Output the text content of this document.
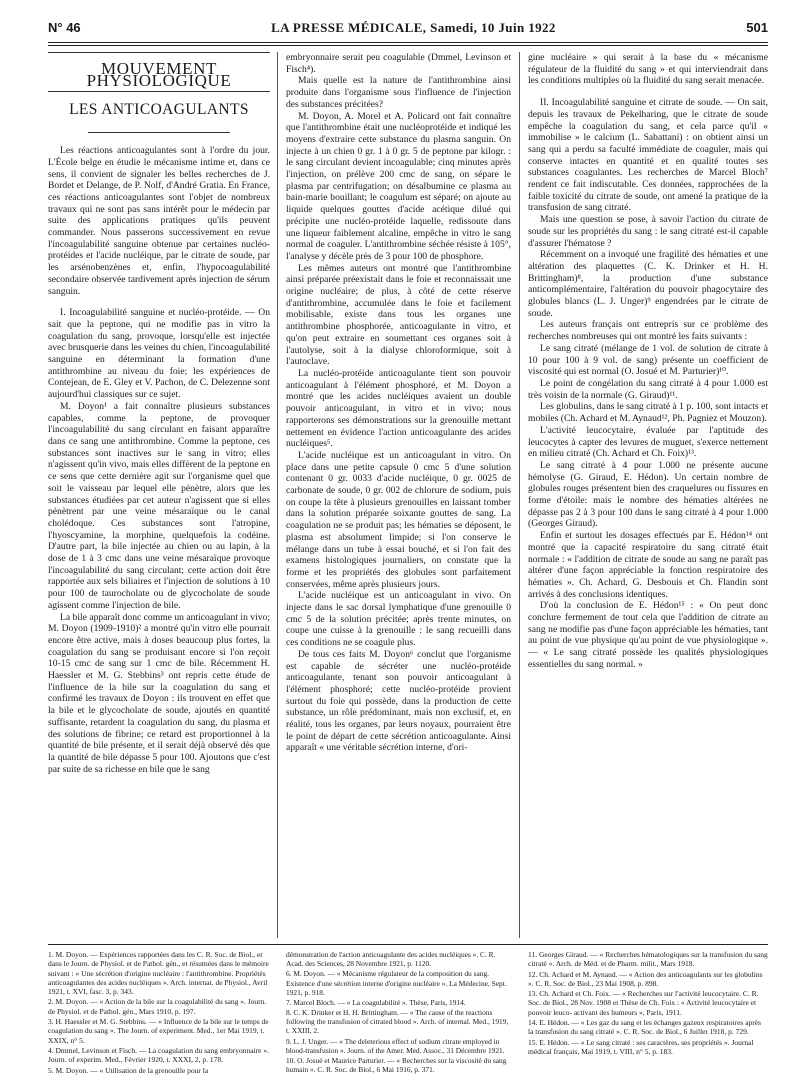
N° 46	LA PRESSE MÉDICALE, Samedi, 10 Juin 1922	501
MOUVEMENT PHYSIOLOGIQUE
LES ANTICOAGULANTS

Les réactions anticoagulantes sont à l'ordre du jour. L'École belge en étudie le mécanisme intime et, dans ce sens, il convient de signaler les belles recherches de J. Bordet et Delange, de P. Nolf, d'André Gratia. En France, ces réactions anticoagulantes sont l'objet de nombreux travaux qui ne sont pas sans intérêt pour le médecin par suite des applications pratiques qu'ils peuvent commander. Nous passerons successivement en revue l'incoagulabilité sanguine obtenue par certaines nucléo-protéides et l'acide nucléique, par le citrate de soude, par les arsénobenzènes et, enfin, l'hypocoagulabilité secondaire observée tardivement après injection de sérum sanguin.

I. Incoagulabilité sanguine et nucléo-protéide. — On sait que la peptone, qui ne modifie pas in vitro la coagulation du sang, provoque, lorsqu'elle est injectée avec brusquerie dans les veines du chien, l'incoagulabilité sanguine en déterminant la formation d'une antithrombine au niveau du foie; les expériences de Contejean, de E. Gley et V. Pachon, de C. Delezenne sont aujourd'hui classiques sur ce sujet.

M. Doyon¹ a fait connaître plusieurs substances capables, comme la peptone, de provoquer l'incoagulabilité du sang circulant en faisant apparaître dans ce sang une antithrombine. Comme la peptone, ces substances sont inactives sur le sang in vitro; elles n'agissent qu'in vivo, mais elles diffèrent de la peptone en ce sens que cette dernière agit sur l'organisme quel que soit le vaisseau par lequel elle pénètre, alors que les substances étudiées par cet auteur n'agissent que si elles pénètrent par une veine mésaraïque ou le canal cholédoque. Ces substances sont l'atropine, l'hyoscyamine, la morphine, quelquefois la codéine. D'autre part, la bile injectée au chien ou au lapin, à la dose de 1 à 3 cmc dans une veine mésaraïque provoque l'incoagulabilité du sang circulant; cette action doit être rapportée aux sels biliaires et l'injection de solutions à 10 pour 100 de taurocholate ou de glycocholate de soude agissent comme l'injection de bile.

La bile apparaît donc comme un anticoagulant in vivo; M. Doyon (1909-1910)² a montré qu'in vitro elle pourrait encore être active, mais à doses beaucoup plus fortes, la coagulation du sang se produisant encore si l'on reçoit 10-15 cmc de sang sur 1 cmc de bile. Récemment H. Haessler et M. G. Stebbins³ ont repris cette étude de l'influence de la bile sur la coagulation du sang et confirmé les travaux de Doyon : ils trouvent en effet que la bile et le glycocholate de soude, ajoutés en quantité suffisante, retardent la coagulation du sang, du plasma et des solutions de fibrine; ce retard est proportionnel à la quantité de bile présente, et il serait déjà observé dès que la quantité de bile dépasse 5 pour 100. Ajoutons que c'est par suite de sa richesse en bile que le sang

embryonnaire serait peu coagulable (Dmmel, Levinson et Fisch⁴).

Mais quelle est la nature de l'antithrombine ainsi produite dans l'organisme sous l'influence de l'injection des substances précitées?

M. Doyon, A. Morel et A. Policard ont fait connaître que l'antithrombine était une nucléoprotéide et indiqué les moyens d'extraire cette substance du plasma sanguin. On injecte à un chien 0 gr. 1 à 0 gr. 5 de peptone par kilogr. : le sang circulant devient incoagulable; cinq minutes après l'injection, on prélève 200 cmc de sang, on sépare le plasma par centrifugation; on désalbumine ce plasma au bain-marie bouillant; le coagulum est séparé; on ajoute au liquide quelques gouttes d'acide acétique dilué qui précipite une nucléo-protéide laquelle, redissoute dans une liqueur faiblement alcaline, empêche in vitro le sang normal de coaguler. L'antithrombine séchée résiste à 105°, l'analyse y décèle près de 3 pour 100 de phosphore.

Les mêmes auteurs ont montré que l'antithrombine ainsi préparée préexistait dans le foie et reconnaissait une origine nucléaire; de plus, à côté de cette réserve d'antithrombine, accumulée dans le foie et facilement mobilisable, existe dans tous les organes une antithrombine phosphorée, anticoagulante in vitro, et qu'on peut extraire en soumettant ces organes soit à l'autolyse, soit à la dialyse chloroformique, soit à l'autoclave.

La nucléo-protéide anticoagulante tient son pouvoir anticoagulant à l'élément phosphoré, et M. Doyon a montré que les acides nucléiques avaient un double pouvoir anticoagulant, in vitro et in vivo; nous rapporterons ses démonstrations sur la grenouille mettant nettement en évidence l'action anticoagulante des acides nucléiques⁵.

L'acide nucléique est un anticoagulant in vitro. On place dans une petite capsule 0 cmc 5 d'une solution contenant 0 gr. 0033 d'acide nucléique, 0 gr. 0025 de carbonate de soude, 0 gr. 002 de chlorure de sodium, puis on coupe la tête à plusieurs grenouilles en laissant tomber dans la solution préparée soixante gouttes de sang. La coagulation ne se produit pas; les hématies se déposent, le plasma est absolument limpide; si l'on conserve le mélange dans un tube à essai bouché, et si l'on fait des examens histologiques journaliers, on constate que la forme et les propriétés des globules sont parfaitement conservées, même après plusieurs jours.

L'acide nucléique est un anticoagulant in vivo. On injecte dans le sac dorsal lymphatique d'une grenouille 0 cmc 5 de la solution précitée; après trente minutes, on coupe une cuisse à la grenouille : le sang recueilli dans ces conditions ne se coagule plus.

De tous ces faits M. Doyon⁶ conclut que l'organisme est capable de sécréter une nucléo-protéide anticoagulante, tenant son pouvoir anticoagulant à l'élément phosphoré; cette nucléo-protéide provient surtout du foie qui possède, dans la production de cette substance, un rôle prédominant, mais non exclusif, et, en réalité, tous les organes, par leurs noyaux, pourraient être le point de départ de cette sécrétion anticoagulante. Ainsi apparaît « une véritable sécrétion interne, d'ori-

gine nucléaire » qui serait à la base du « mécanisme régulateur de la fluidité du sang » et qui interviendrait dans les conditions multiples où la fluidité du sang serait menacée.

II. Incoagulabilité sanguine et citrate de soude. — On sait, depuis les travaux de Pekelharing, que le citrate de soude empêche la coagulation du sang, et cela parce qu'il « immobilise » le calcium (L. Sabattani) : on obtient ainsi un sang qui a perdu sa faculté immédiate de coaguler, mais qui conserve intactes en quantité et en qualité toutes ses substances coagulantes. Les recherches de Marcel Bloch⁷ rendent ce fait indiscutable. Ces données, rapprochées de la faible toxicité du citrate de soude, ont amené la pratique de la transfusion de sang citraté.

Mais une question se pose, à savoir l'action du citrate de soude sur les propriétés du sang : le sang citraté est-il capable d'assurer l'hématose ?

Récemment on a invoqué une fragilité des hématies et une altération des plaquettes (C. K. Drinker et H. H. Brittingham)⁸, la production d'une substance anticomplémentaire, l'altération du pouvoir phagocytaire des globules blancs (L. J. Unger)⁹ engendrées par le citrate de soude.

Les auteurs français ont entrepris sur ce problème des recherches nombreuses qui ont montré les faits suivants :

Le sang citraté (mélange de 1 vol. de solution de citrate à 10 pour 100 à 9 vol. de sang) présente un coefficient de viscosité qui est normal (O. Josué et M. Parturier)¹⁰.

Le point de congélation du sang citraté à 4 pour 1.000 est très voisin de la normale (G. Giraud)¹¹.

Les globulins, dans le sang citraté à 1 p. 100, sont intacts et mobiles (Ch. Achard et M. Aynaud¹², Ph. Pagniez et Mouzon).

L'activité leucocytaire, évaluée par l'aptitude des leucocytes à capter des levures de muguet, s'exerce nettement en milieu citraté (Ch. Achard et Ch. Foix)¹³.

Le sang citraté à 4 pour 1.000 ne présente aucune hémolyse (G. Giraud, E. Hédon). Un certain nombre de globules rouges présentent bien des craquelures ou fissures en forme d'étoile: mais le nombre des hématies altérées ne dépasse pas 2 à 3 pour 100 dans le sang citraté à 4 pour 1.000 (Georges Giraud).

Enfin et surtout les dosages effectués par E. Hédon¹⁴ ont montré que la capacité respiratoire du sang citraté était normale : « l'addition de citrate de soude au sang ne paraît pas altérer d'une façon appréciable la fonction respiratoire des hématies ». Ch. Achard, G. Desbouis et Ch. Flandin sont arrivés à des conclusions identiques.

D'où la conclusion de E. Hédon¹⁵ : « On peut donc conclure fermement de tout cela que l'addition de citrate au sang ne modifie pas d'une façon appréciable les hématies, tant au point de vue physique qu'au point de vue physiologique ». — « Le sang citraté possède les qualités physiologiques essentielles du sang normal. »

1. M. Doyon. — Expériences rapportées dans les C. R. Soc. de Biol., et dans le Journ. de Physiol. et de Pathol. gén., et résumées dans le mémoire suivant : « Une sécrétion d'origine nucléaire : l'antithrombine. Propriétés anticoagulantes des acides nucléiques ». Arch. internat. de Physiol., Avril 1921, t. XVI, fasc. 3, p. 343.

2. M. Doyon. — « Action de la bile sur la coagulabilité du sang ». Journ. de Physiol. et de Pathol. gén., Mars 1910, p. 197.

3. H. Haessler et M. G. Stebbins. — « Influence de la bile sur le temps de coagulation du sang ». The Journ. of experiment. Med., 1er Mai 1919, t. XXIX, n° 5.

4. Dmmel, Levinson et Fisch. — La coagulation du sang embryonnaire ». Journ. of experim. Med., Février 1920, t. XXXI, 2, p. 178.

5. M. Doyon. — « Utilisation de la grenouille pour la

démonstration de l'action anticoagulante des acides nucléiques ». C. R. Acad. des Sciences, 28 Novembre 1921, p. 1120.

6. M. Doyon. — « Mécanisme régulateur de la composition du sang. Existence d'une sécrétion interne d'origine nucléaire ». La Médecine, Sept. 1921, p. 918.

7. Marcel Bloch. — « La coagulabilité ». Thèse, Paris, 1914.

8. C. K. Drinker et H. H. Brittingham. — « The cause of the reactions following the transfusion of citrated blood ». Arch. of internal. Med., 1919, t. XXIII, 2.

9. L. J. Unger. — « The deleterious effect of sodium citrate employed in blood-transfusion ». Journ. of the Amer. Med. Assoc., 31 Décembre 1921.

10. O. Josué et Maurice Parturier. — « Recherches sur la viscosité du sang humain ». C. R. Soc. de Biol., 6 Mai 1916, p. 371.

11. Georges Giraud. — « Recherches hématologiques sur la transfusion du sang citraté ». Arch. de Méd. et de Pharm. milit., Mars 1918.

12. Ch. Achard et M. Aynaud. — « Action des anticoagulants sur les globulins ». C. R. Soc. de Biol., 23 Mai 1908, p. 898.

13. Ch. Achard et Ch. Foix. — « Recherches sur l'activité leucocytaire. C. R. Soc. de Biol., 28 Nov. 1908 et Thèse de Ch. Foix : « Activité leucocytaire et pouvoir leuco- activant des humeurs », Paris, 1911.

14. E. Hédon. — « Les gaz du sang et les échanges gazeux respiratoires après la transfusion du sang citraté ». C. R. Soc. de Biol., 6 Juillet 1918, p. 729.

15. E. Hédon. — « Le sang citraté : ses caractères, ses propriétés ». Journal médical français, Mai 1919, t. VIII, n° 5, p. 183.
